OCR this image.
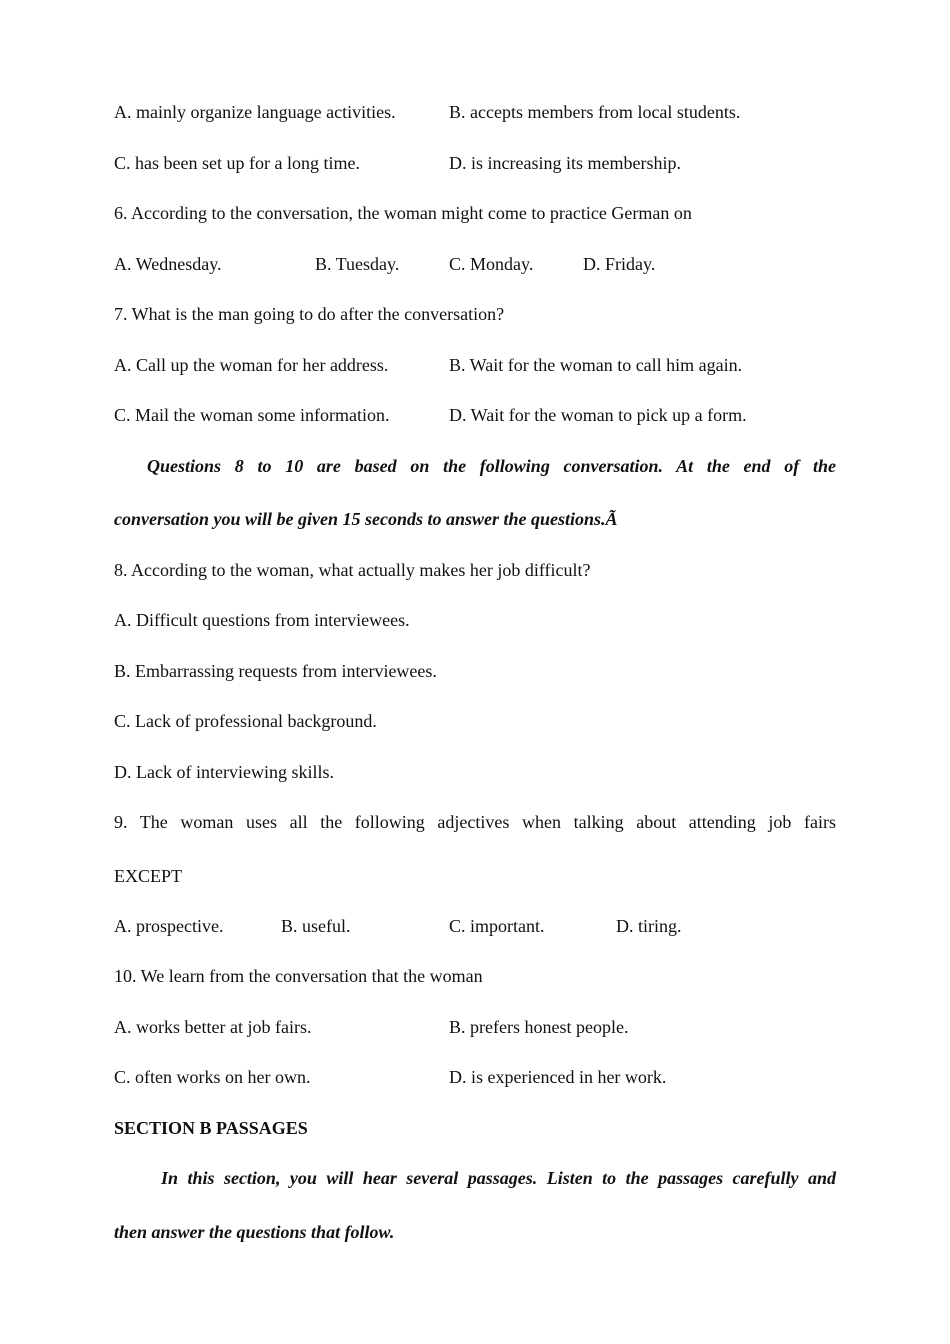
A. mainly organize language activities.	B. accepts members from local students.
C. has been set up for a long time.	D. is increasing its membership.
6. According to the conversation, the woman might come to practice German on
A. Wednesday.	B. Tuesday.	C. Monday.	D. Friday.
7. What is the man going to do after the conversation?
A. Call up the woman for her address.	B. Wait for the woman to call him again.
C. Mail the woman some information.	D. Wait for the woman to pick up a form.
Questions 8 to 10 are based on the following conversation. At the end of the
conversation you will be given 15 seconds to answer the questions.Ã
8. According to the woman, what actually makes her job difficult?
A. Difficult questions from interviewees.
B. Embarrassing requests from interviewees.
C. Lack of professional background.
D. Lack of interviewing skills.
9. The woman uses all the following adjectives when talking about attending job fairs
EXCEPT
A. prospective.	B. useful.	C. important.	D. tiring.
10. We learn from the conversation that the woman
A. works better at job fairs.	B. prefers honest people.
C. often works on her own.	D. is experienced in her work.
SECTION B PASSAGES
In this section, you will hear several passages. Listen to the passages carefully and
then answer the questions that follow.
